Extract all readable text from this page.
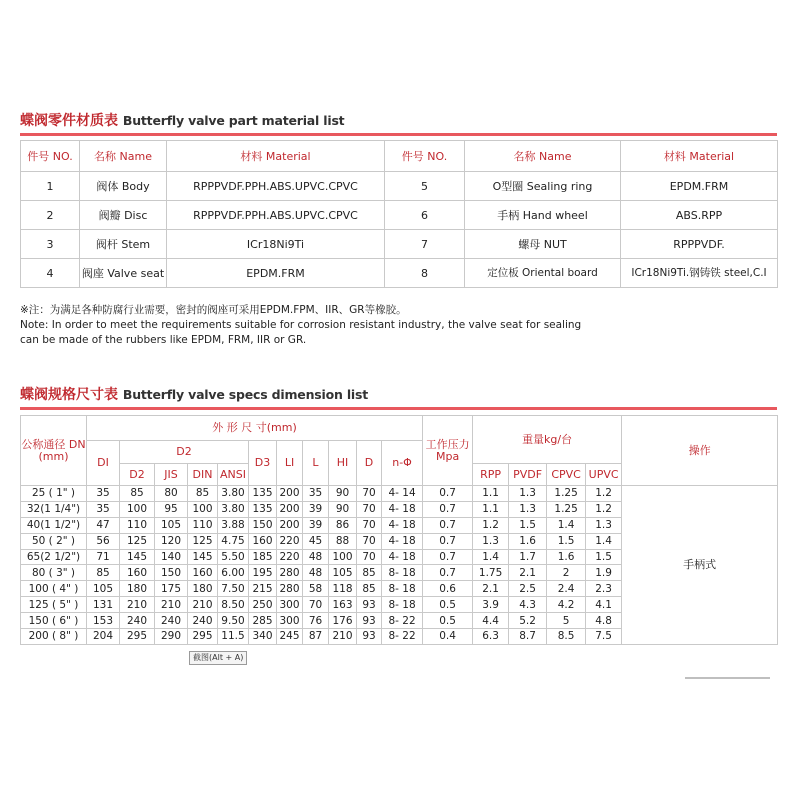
蝶阀零件材质表 Butterfly valve part material list
件号 NO.	名称 Name	材料 Material	件号 NO.	名称 Name	材料 Material
1	阀体 Body	RPPPVDF.PPH.ABS.UPVC.CPVC	5	O型圈 Sealing ring	EPDM.FRM
2	阀瓣 Disc	RPPPVDF.PPH.ABS.UPVC.CPVC	6	手柄 Hand wheel	ABS.RPP
3	阀杆 Stem	ICr18Ni9Ti	7	螺母 NUT	RPPPVDF.
4	阀座 Valve seat	EPDM.FRM	8	定位板 Oriental board	ICr18Ni9Ti.钢铸铁 steel,C.I
※注：为满足各种防腐行业需要，密封的阀座可采用EPDM.FPM、IIR、GR等橡胶。
Note: In order to meet the requirements suitable for corrosion resistant industry, the valve seat for sealing
can be made of the rubbers like EPDM, FRM, IIR or GR.
蝶阀规格尺寸表 Butterfly valve specs dimension list
公称通径 DN (mm)	外 形 尺 寸(mm)											工作压力 Mpa	重量kg/台				操作
	DI	D2				D3	LI	L	HI	D	n-Φ						
		D2	JIS	DIN	ANSI								RPP	PVDF	CPVC	UPVC	
25 ( 1" )	35	85	80	85	3.80	135	200	35	90	70	4- 14	0.7	1.1	1.3	1.25	1.2	手柄式
32(1 1/4")	35	100	95	100	3.80	135	200	39	90	70	4- 18	0.7	1.1	1.3	1.25	1.2	
40(1 1/2")	47	110	105	110	3.88	150	200	39	86	70	4- 18	0.7	1.2	1.5	1.4	1.3	
50 ( 2" )	56	125	120	125	4.75	160	220	45	88	70	4- 18	0.7	1.3	1.6	1.5	1.4	
65(2 1/2")	71	145	140	145	5.50	185	220	48	100	70	4- 18	0.7	1.4	1.7	1.6	1.5	
80 ( 3" )	85	160	150	160	6.00	195	280	48	105	85	8- 18	0.7	1.75	2.1	2	1.9	
100 ( 4" )	105	180	175	180	7.50	215	280	58	118	85	8- 18	0.6	2.1	2.5	2.4	2.3	
125 ( 5" )	131	210	210	210	8.50	250	300	70	163	93	8- 18	0.5	3.9	4.3	4.2	4.1	
150 ( 6" )	153	240	240	240	9.50	285	300	76	176	93	8- 22	0.5	4.4	5.2	5	4.8	
200 ( 8" )	204	295	290	295	11.5	340	245	87	210	93	8- 22	0.4	6.3	8.7	8.5	7.5	
截图(Alt + A)
